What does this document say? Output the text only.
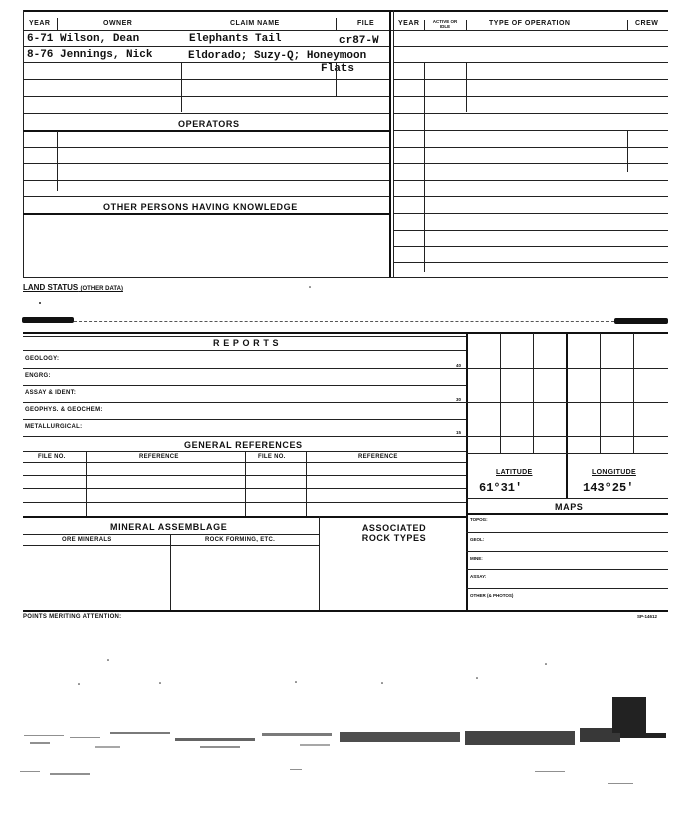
YEAR	OWNER	CLAIM NAME	FILE	YEAR	ACTIVE OR IDLE	TYPE OF OPERATION	CREW
6-71 Wilson, Dean	Elephants Tail	cr87-W
8-76 Jennings, Nick	Eldorado; Suzy-Q; Honeymoon
Flats
OPERATORS
OTHER PERSONS HAVING KNOWLEDGE
LAND STATUS (OTHER DATA)
R E P O R T S
GEOLOGY:
40
ENGRG:
ASSAY & IDENT:
30
GEOPHYS. & GEOCHEM:
METALLURGICAL:
15
GENERAL REFERENCES
FILE NO.	REFERENCE	FILE NO.	REFERENCE
MINERAL ASSEMBLAGE
ORE MINERALS	ROCK FORMING, ETC.
ASSOCIATED ROCK TYPES
LATITUDE
61°31'
LONGITUDE
143°25'
MAPS
TOPOG:
GEOL:
MINE:
ASSAY:
OTHER (& PHOTOS)
POINTS MERITING ATTENTION:	SP-14612
